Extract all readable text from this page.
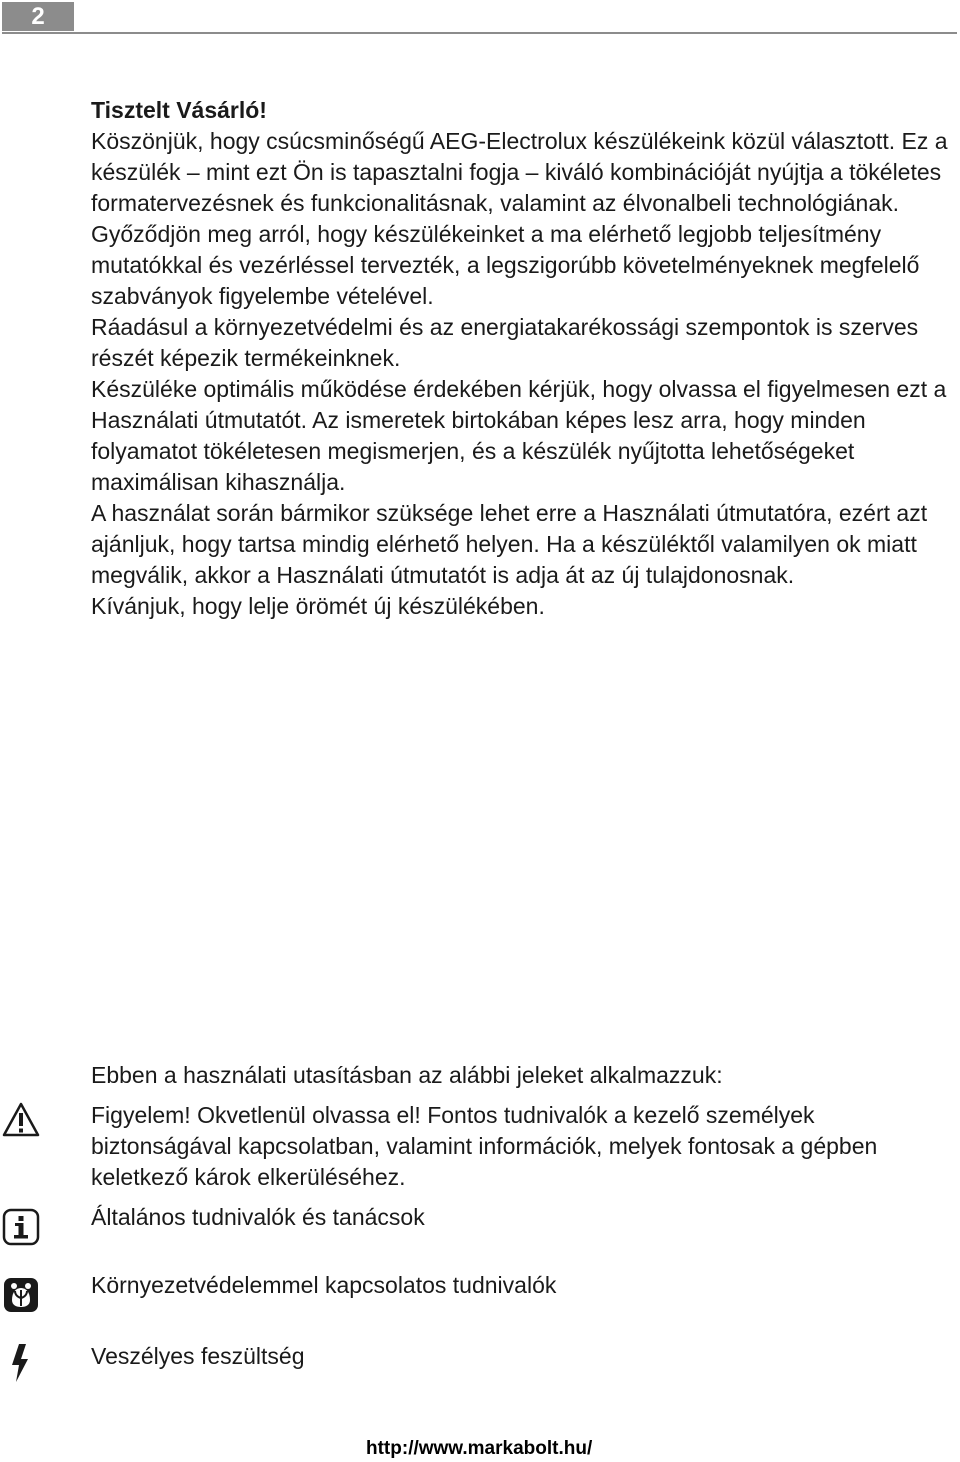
2

Tisztelt Vásárló!

Köszönjük, hogy csúcsminőségű AEG-Electrolux készülékeink közül választott. Ez a készülék – mint ezt Ön is tapasztalni fogja – kiváló kombinációját nyújtja a tökéletes formatervezésnek és funkcionalitásnak, valamint az élvonalbeli technológiának.

Győződjön meg arról, hogy készülékeinket a ma elérhető legjobb teljesítmény mutatókkal és vezérléssel tervezték, a legszigorúbb követelményeknek megfelelő szabványok figyelembe vételével.

Ráadásul a környezetvédelmi és az energiatakarékossági szempontok is szerves részét képezik termékeinknek.

Készüléke optimális működése érdekében kérjük, hogy olvassa el figyelmesen ezt a Használati útmutatót. Az ismeretek birtokában képes lesz arra, hogy minden folyamatot tökéletesen megismerjen, és a készülék nyűjtotta lehetőségeket maximálisan kihasználja.

A használat során bármikor szüksége lehet erre a Használati útmutatóra, ezért azt ajánljuk, hogy tartsa mindig elérhető helyen. Ha a készüléktől valamilyen ok miatt megválik, akkor a Használati útmutatót is adja át az új tulajdonosnak.

Kívánjuk, hogy lelje örömét új készülékében.

Ebben a használati utasításban az alábbi jeleket alkalmazzuk:

Figyelem! Okvetlenül olvassa el! Fontos tudnivalók a kezelő személyek biztonságával kapcsolatban, valamint információk, melyek fontosak a gépben keletkező károk elkerüléséhez.

Általános tudnivalók és tanácsok

Környezetvédelemmel kapcsolatos tudnivalók

Veszélyes feszültség

http://www.markabolt.hu/
